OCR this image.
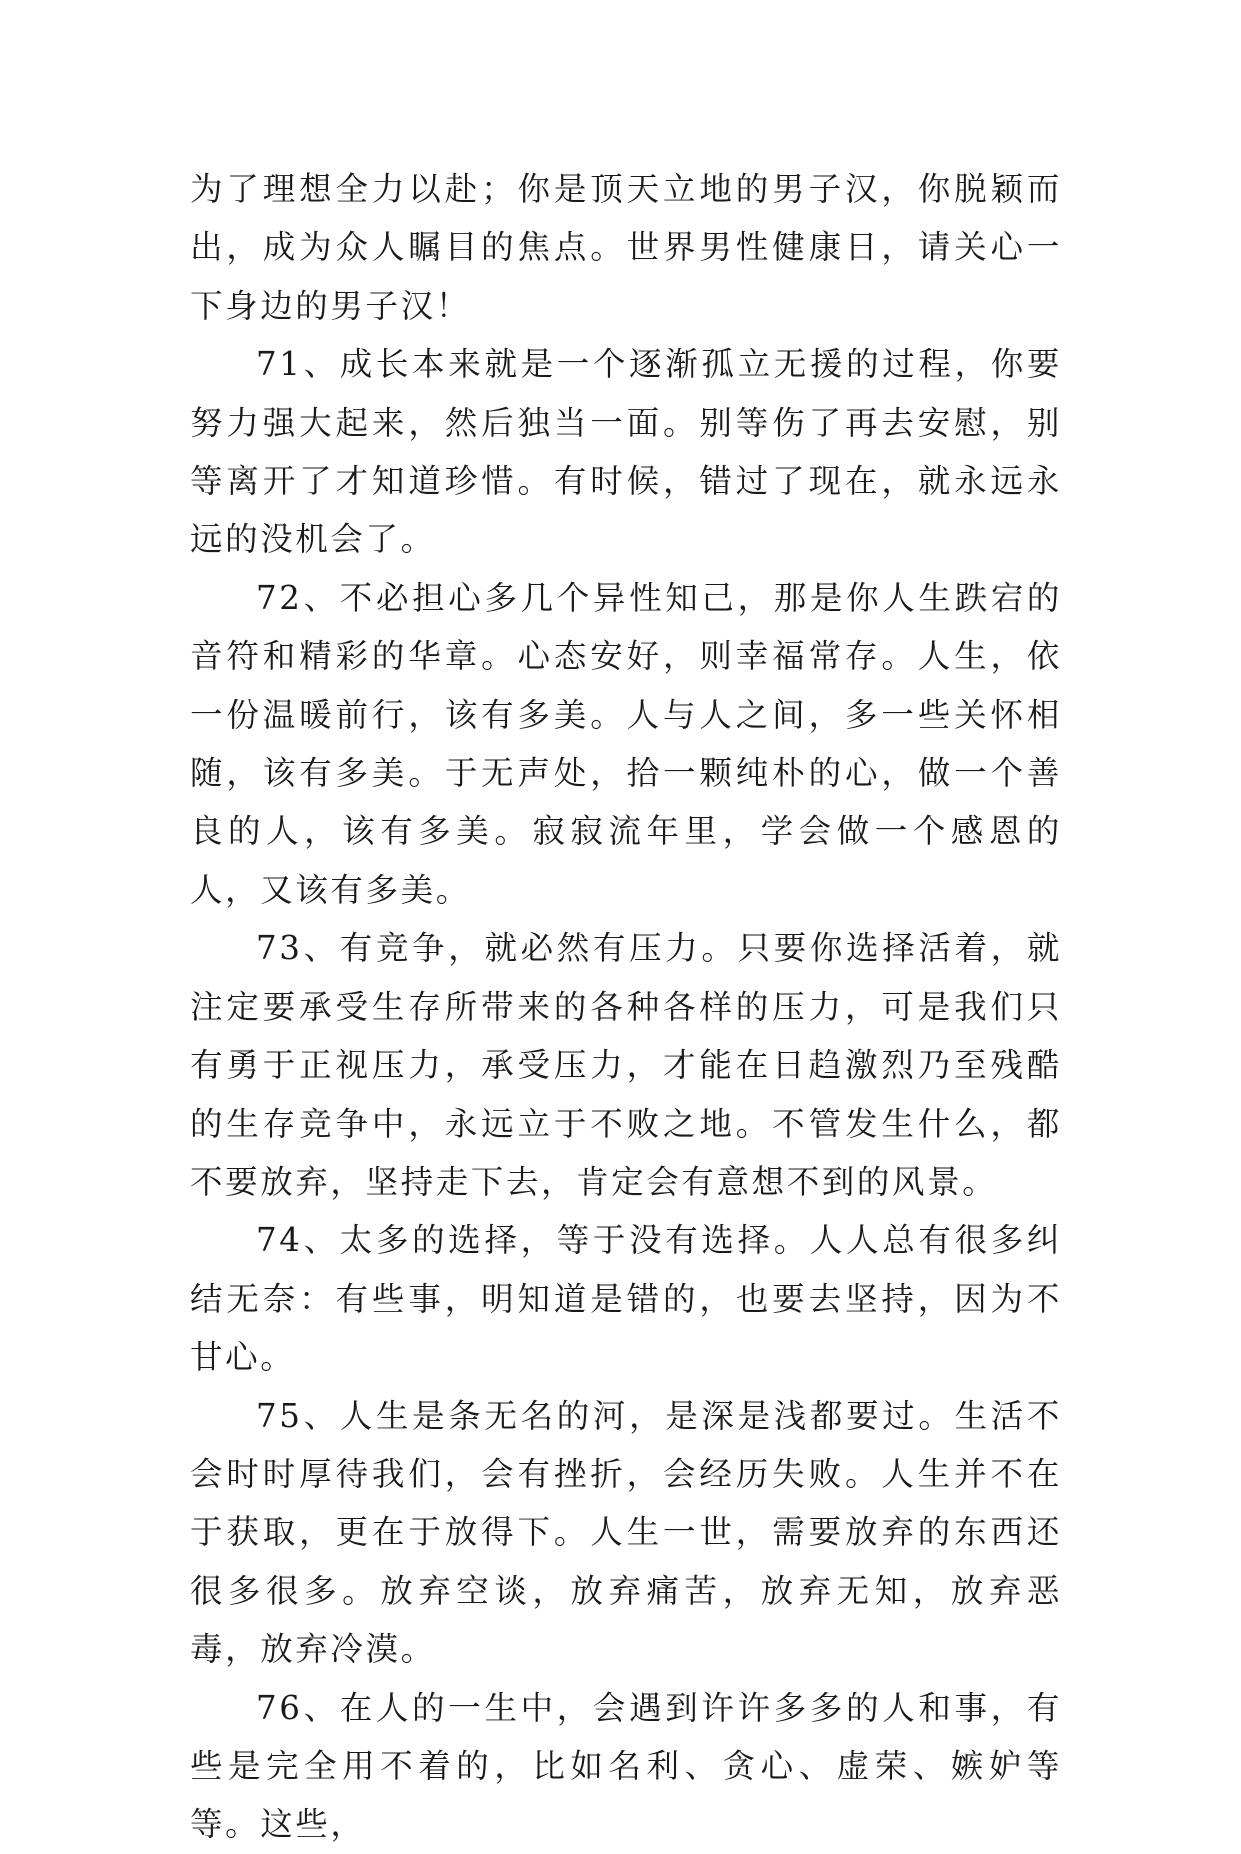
为了理想全力以赴；你是顶天立地的男子汉，你脱颖而出，成为众人瞩目的焦点。世界男性健康日，请关心一下身边的男子汉！

71、成长本来就是一个逐渐孤立无援的过程，你要努力强大起来，然后独当一面。别等伤了再去安慰，别等离开了才知道珍惜。有时候，错过了现在，就永远永远的没机会了。

72、不必担心多几个异性知己，那是你人生跌宕的音符和精彩的华章。心态安好，则幸福常存。人生，依一份温暖前行，该有多美。人与人之间，多一些关怀相随，该有多美。于无声处，拾一颗纯朴的心，做一个善良的人，该有多美。寂寂流年里，学会做一个感恩的人，又该有多美。

73、有竞争，就必然有压力。只要你选择活着，就注定要承受生存所带来的各种各样的压力，可是我们只有勇于正视压力，承受压力，才能在日趋激烈乃至残酷的生存竞争中，永远立于不败之地。不管发生什么，都不要放弃，坚持走下去，肯定会有意想不到的风景。

74、太多的选择，等于没有选择。人人总有很多纠结无奈：有些事，明知道是错的，也要去坚持，因为不甘心。

75、人生是条无名的河，是深是浅都要过。生活不会时时厚待我们，会有挫折，会经历失败。人生并不在于获取，更在于放得下。人生一世，需要放弃的东西还很多很多。放弃空谈，放弃痛苦，放弃无知，放弃恶毒，放弃冷漠。

76、在人的一生中，会遇到许许多多的人和事，有些是完全用不着的，比如名利、贪心、虚荣、嫉妒等等。这些，
